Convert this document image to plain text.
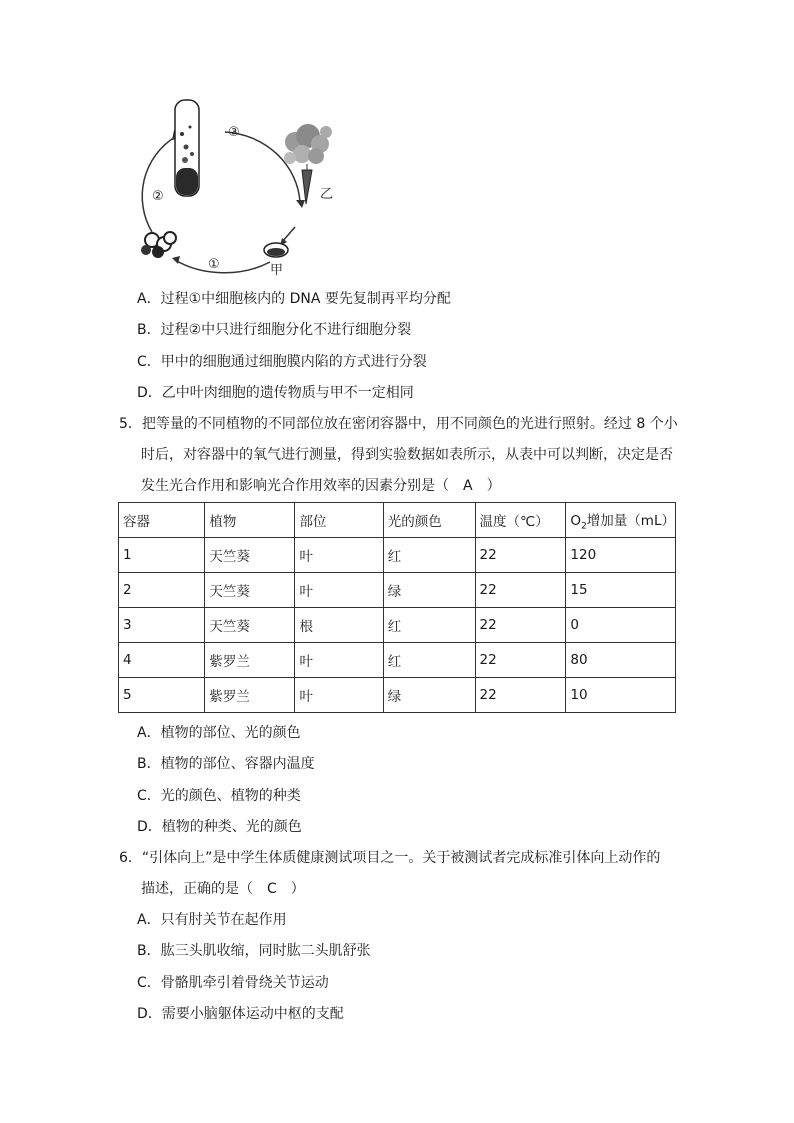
乙
甲
③
②
①
A．过程①中细胞核内的 DNA 要先复制再平均分配
B．过程②中只进行细胞分化不进行细胞分裂
C．甲中的细胞通过细胞膜内陷的方式进行分裂
D．乙中叶肉细胞的遗传物质与甲不一定相同
5．把等量的不同植物的不同部位放在密闭容器中，用不同颜色的光进行照射。经过 8 个小
时后，对容器中的氧气进行测量，得到实验数据如表所示，从表中可以判断，决定是否
发生光合作用和影响光合作用效率的因素分别是（　A　）
容器	植物	部位	光的颜色	温度（℃）	$O_2$增加量（mL）
1	天竺葵	叶	红	22	120
2	天竺葵	叶	绿	22	15
3	天竺葵	根	红	22	0
4	紫罗兰	叶	红	22	80
5	紫罗兰	叶	绿	22	10
A．植物的部位、光的颜色
B．植物的部位、容器内温度
C．光的颜色、植物的种类
D．植物的种类、光的颜色
6．“引体向上”是中学生体质健康测试项目之一。关于被测试者完成标准引体向上动作的
描述，正确的是（　C　）
A．只有肘关节在起作用
B．肱三头肌收缩，同时肱二头肌舒张
C．骨骼肌牵引着骨绕关节运动
D．需要小脑躯体运动中枢的支配
